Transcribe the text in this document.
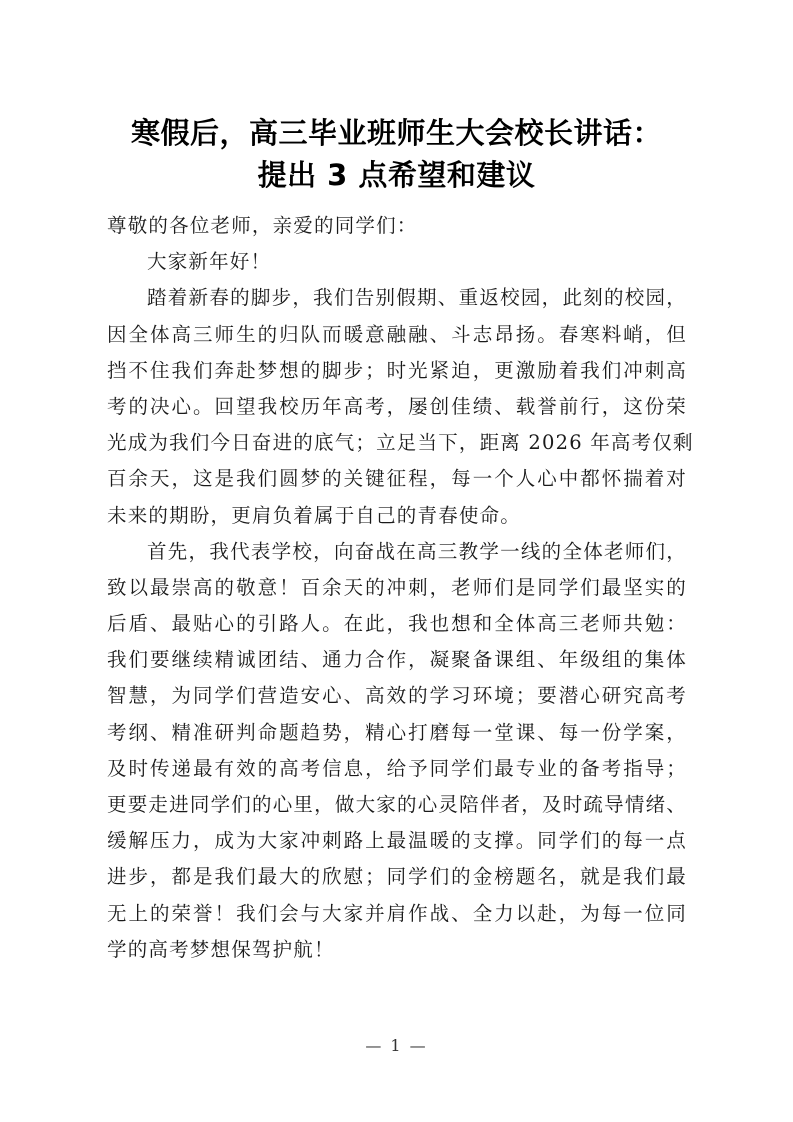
寒假后，高三毕业班师生大会校长讲话：
提出 3 点希望和建议
尊敬的各位老师，亲爱的同学们：
大家新年好！
踏着新春的脚步，我们告别假期、重返校园，此刻的校园，
因全体高三师生的归队而暖意融融、斗志昂扬。春寒料峭，但
挡不住我们奔赴梦想的脚步；时光紧迫，更激励着我们冲刺高
考的决心。回望我校历年高考，屡创佳绩、载誉前行，这份荣
光成为我们今日奋进的底气；立足当下，距离 2026 年高考仅剩
百余天，这是我们圆梦的关键征程，每一个人心中都怀揣着对
未来的期盼，更肩负着属于自己的青春使命。
首先，我代表学校，向奋战在高三教学一线的全体老师们，
致以最崇高的敬意！百余天的冲刺，老师们是同学们最坚实的
后盾、最贴心的引路人。在此，我也想和全体高三老师共勉：
我们要继续精诚团结、通力合作，凝聚备课组、年级组的集体
智慧，为同学们营造安心、高效的学习环境；要潜心研究高考
考纲、精准研判命题趋势，精心打磨每一堂课、每一份学案，
及时传递最有效的高考信息，给予同学们最专业的备考指导；
更要走进同学们的心里，做大家的心灵陪伴者，及时疏导情绪、
缓解压力，成为大家冲刺路上最温暖的支撑。同学们的每一点
进步，都是我们最大的欣慰；同学们的金榜题名，就是我们最
无上的荣誉！我们会与大家并肩作战、全力以赴，为每一位同
学的高考梦想保驾护航！
— 1 —
